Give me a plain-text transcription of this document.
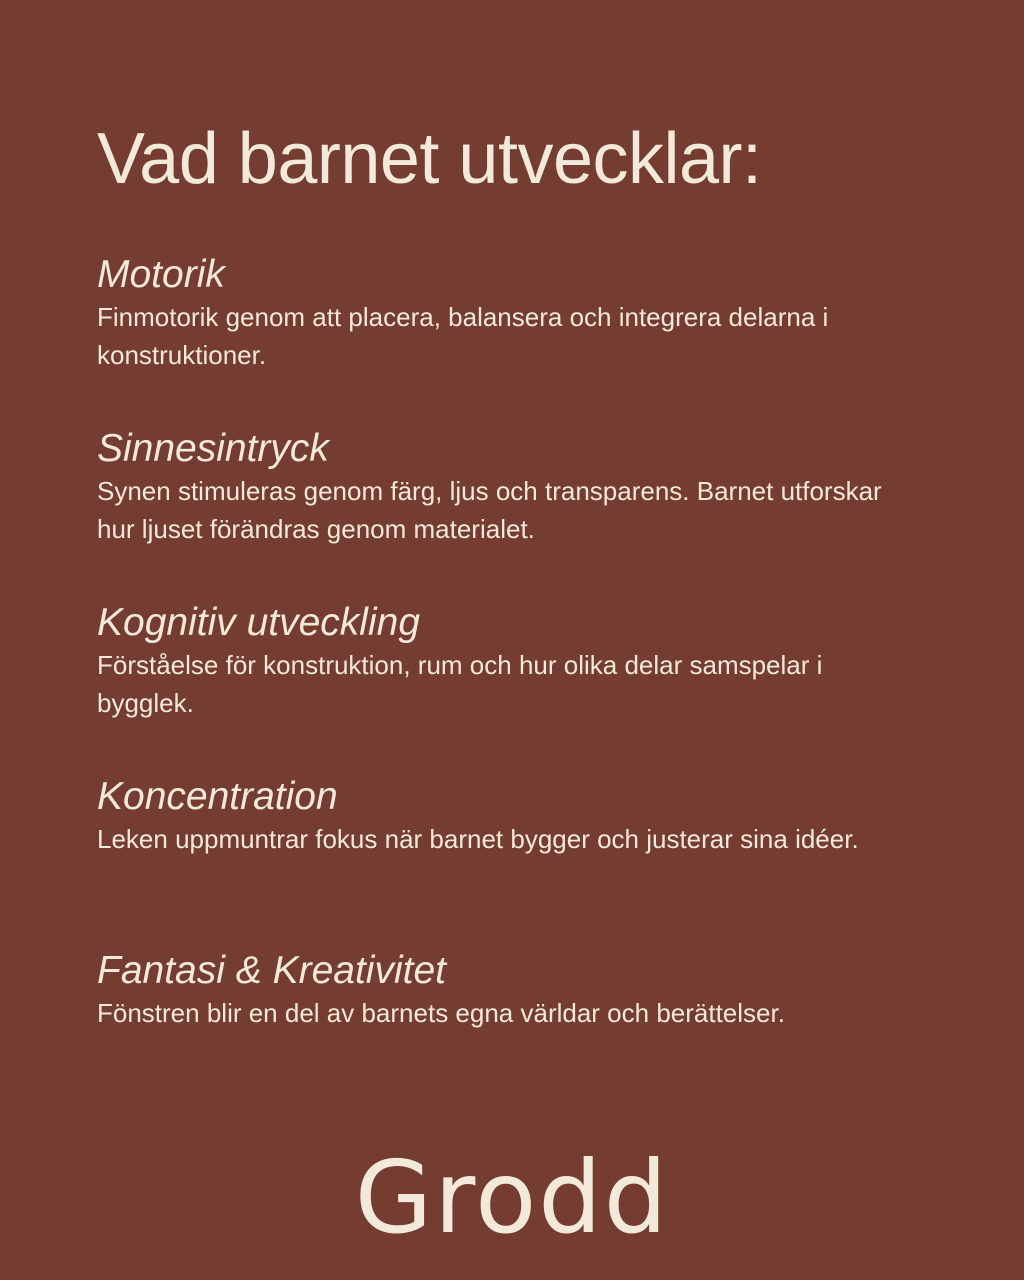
Vad barnet utvecklar:
Motorik
Finmotorik genom att placera, balansera och integrera delarna i konstruktioner.
Sinnesintryck
Synen stimuleras genom färg, ljus och transparens. Barnet utforskar hur ljuset förändras genom materialet.
Kognitiv utveckling
Förståelse för konstruktion, rum och hur olika delar samspelar i bygglek.
Koncentration
Leken uppmuntrar fokus när barnet bygger och justerar sina idéer.
Fantasi & Kreativitet
Fönstren blir en del av barnets egna världar och berättelser.
Grodd
